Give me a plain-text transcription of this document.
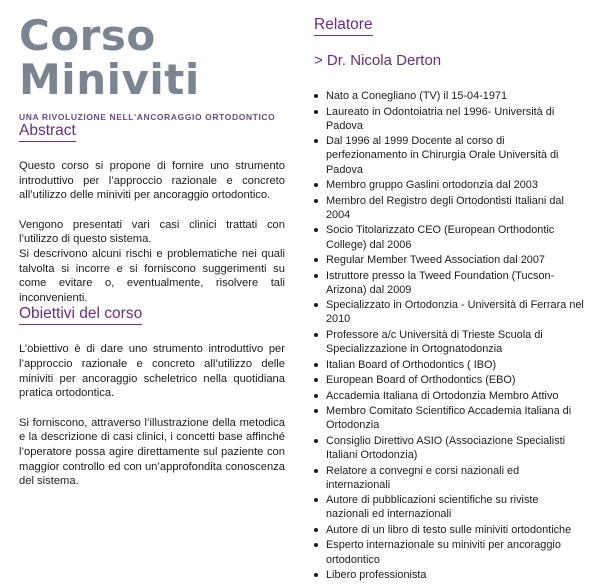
Corso
Miniviti
UNA RIVOLUZIONE NELL'ANCORAGGIO ORTODONTICO
Abstract

Questo corso si propone di fornire uno strumento introduttivo per l’approccio razionale e concreto all’utilizzo delle miniviti per ancoraggio ortodontico.

Vengono presentati vari casi clinici trattati con l’utilizzo di questo sistema.
Si descrivono alcuni rischi e problematiche nei quali talvolta si incorre e si forniscono suggerimenti su come evitare o, eventualmente, risolvere tali inconvenienti.

Obiettivi del corso

L’obiettivo è di dare uno strumento introduttivo per l’approccio razionale e concreto all’utilizzo delle miniviti per ancoraggio scheletrico nella quotidiana pratica ortodontica.

Si forniscono, attraverso l’illustrazione della metodica e la descrizione di casi clinici, i concetti base affinché l’operatore possa agire direttamente sul paziente con maggior controllo ed con un’approfondita conoscenza del sistema.

Relatore
> Dr. Nicola Derton
Nato a Conegliano (TV) il 15-04-1971
Laureato in Odontoiatria nel 1996- Università di Padova
Dal 1996 al 1999 Docente al corso di perfezionamento in Chirurgia Orale Università di Padova
Membro gruppo Gaslini ortodonzia dal 2003
Membro del Registro degli Ortodontisti Italiani dal 2004
Socio Titolarizzato CEO (European Orthodontic College) dal 2006
Regular Member Tweed Association dal 2007
Istruttore presso la Tweed Foundation (Tucson-Arizona) dal 2009
Specializzato in Ortodonzia - Università di Ferrara nel 2010
Professore a/c Università di Trieste Scuola di Specializzazione in Ortognatodonzia
Italian Board of Orthodontics ( IBO)
European Board of Orthodontics (EBO)
Accademia Italiana di Ortodonzia Membro Attivo
Membro Comitato Scientifico Accademia Italiana di Ortodonzia
Consiglio Direttivo ASIO (Associazione Specialisti Italiani Ortodonzia)
Relatore a convegni e corsi nazionali ed internazionali
Autore di pubblicazioni scientifiche su riviste nazionali ed internazionali
Autore di un libro di testo sulle miniviti ortodontiche
Esperto internazionale su miniviti per ancoraggio ortodontico
Libero professionista
